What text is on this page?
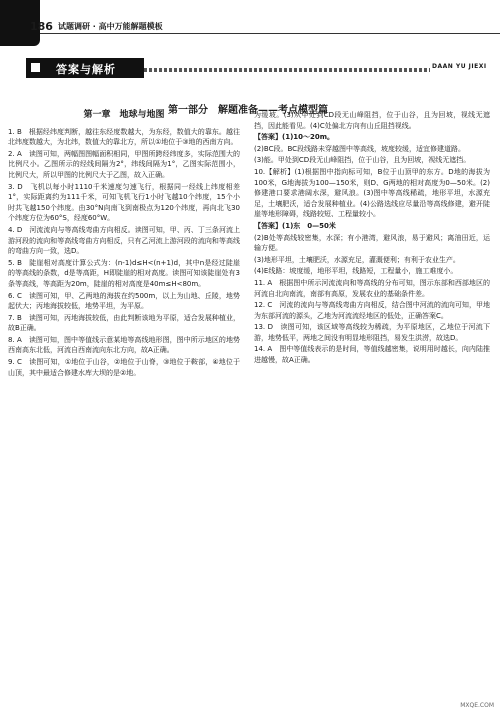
186 试题调研 · 高中万能解题模板
答案与解析	DAAN YU JIEXI
第一部分　解题准备——考点模型篇
第一章　地球与地图

1. B　根据经纬度判断，越往东经度数越大，为东经，数值大的靠东。越往北纬度数越大，为北纬，数值大的靠北方，所以①地位于③地的西南方向。

2. A　读图可知，两幅图图幅面积相同，甲图所跨经纬度多，实际范围大的比例尺小。乙图所示的经线间隔为2°，纬线间隔为1°，乙图实际范围小，比例尺大，所以甲图的比例尺大于乙图，故入正确。

3. D　飞机以每小时1110千米速度匀速飞行，根据同一经线上纬度相差1°，实际距离约为111千米，可知飞机飞行1小时飞越10个纬度，15个小时共飞越150个纬度。由30°N向南飞到南极点为120个纬度，再向北飞30个纬度方位为60°S，经度60°W。

4. D　河流流向与等高线弯曲方向相反。读图可知，甲、丙、丁三条河流上游河段的流向和等高线弯曲方向相反，只有乙河流上游河段的流向和等高线的弯曲方向一致，选D。

5. B　陡崖相对高度计算公式为：(n-1)d≤H<(n+1)d，其中n是经过陡崖的等高线的条数，d是等高距，H即陡崖的相对高度。读图可知该陡崖处有3条等高线，等高距为20m，陡崖的相对高度是40m≤H<80m。

6. C　读图可知，甲、乙两地的海拔在约500m，以上为山地、丘陵，地势起伏大；丙地海拔较低，地势平坦，为平原。

7. B　读图可知，丙地海拔较低，由此判断该地为平原，适合发展种植业，故B正确。

8. A　读图可知，图中等值线示意某地等高线地形图，图中所示地区的地势西南高东北低，河流自西南流向东北方向，故A正确。

9. C　读图可知，①地位于山谷，②地位于山脊，③地位于鞍部，④地位于山顶，其中最适合修建水库大坝的是②地。

为缓坡。(3)从甲处到CD段无山峰阻挡，位于山谷，且为回坡，视线无遮挡，因此能看见。(4)C处偏北方向有山丘阻挡视线。

【答案】(1)10～20m。

(2)BC段。BC段线路未穿越图中等高线，坡度较缓，适宜修建道路。

(3)能。甲处到CD段无山峰阻挡，位于山谷，且为回坡，视线无遮挡。

10.【解析】(1)根据图中指向标可知，B位于山顶甲的东方。D地的海拔为100米，G地海拔为100—150米，则D、G两地的相对高度为0—50米。(2)修建港口要求港阔水深，避风浪。(3)图中等高线稀疏，地形平坦，水源充足，土壤肥沃，适合发展种植业。(4)公路选线应尽量沿等高线修建，避开陡崖等地形障碍，线路较短、工程量较小。

【答案】(1)东　0—50米

(2)B处等高线较密集，水深；有小港湾，避风浪，易于避风；离油田近，运输方便。

(3)地形平坦，土壤肥沃，水源充足，灌溉便利；有利于农业生产。

(4)E线路：坡度缓，地形平坦，线路短，工程量小，施工难度小。

11. A　根据图中所示河流流向和等高线的分布可知，图示东部和西部地区的河流自北向南流，南部有高原，发展农业的基础条件差。

12. C　河流的流向与等高线弯曲方向相反，结合图中河流的流向可知，甲地为东部河流的源头，乙地为河流流经地区的低处，正确答案C。

13. D　读图可知，该区域等高线较为稀疏，为平原地区，乙地位于河流下游，地势低平，两地之间没有明显地形阻挡，易发生洪涝，故选D。

14. A　图中等值线表示的是时间，等值线越密集，说明用时越长，向内陆推进越慢，故A正确。

MXQE.COM
